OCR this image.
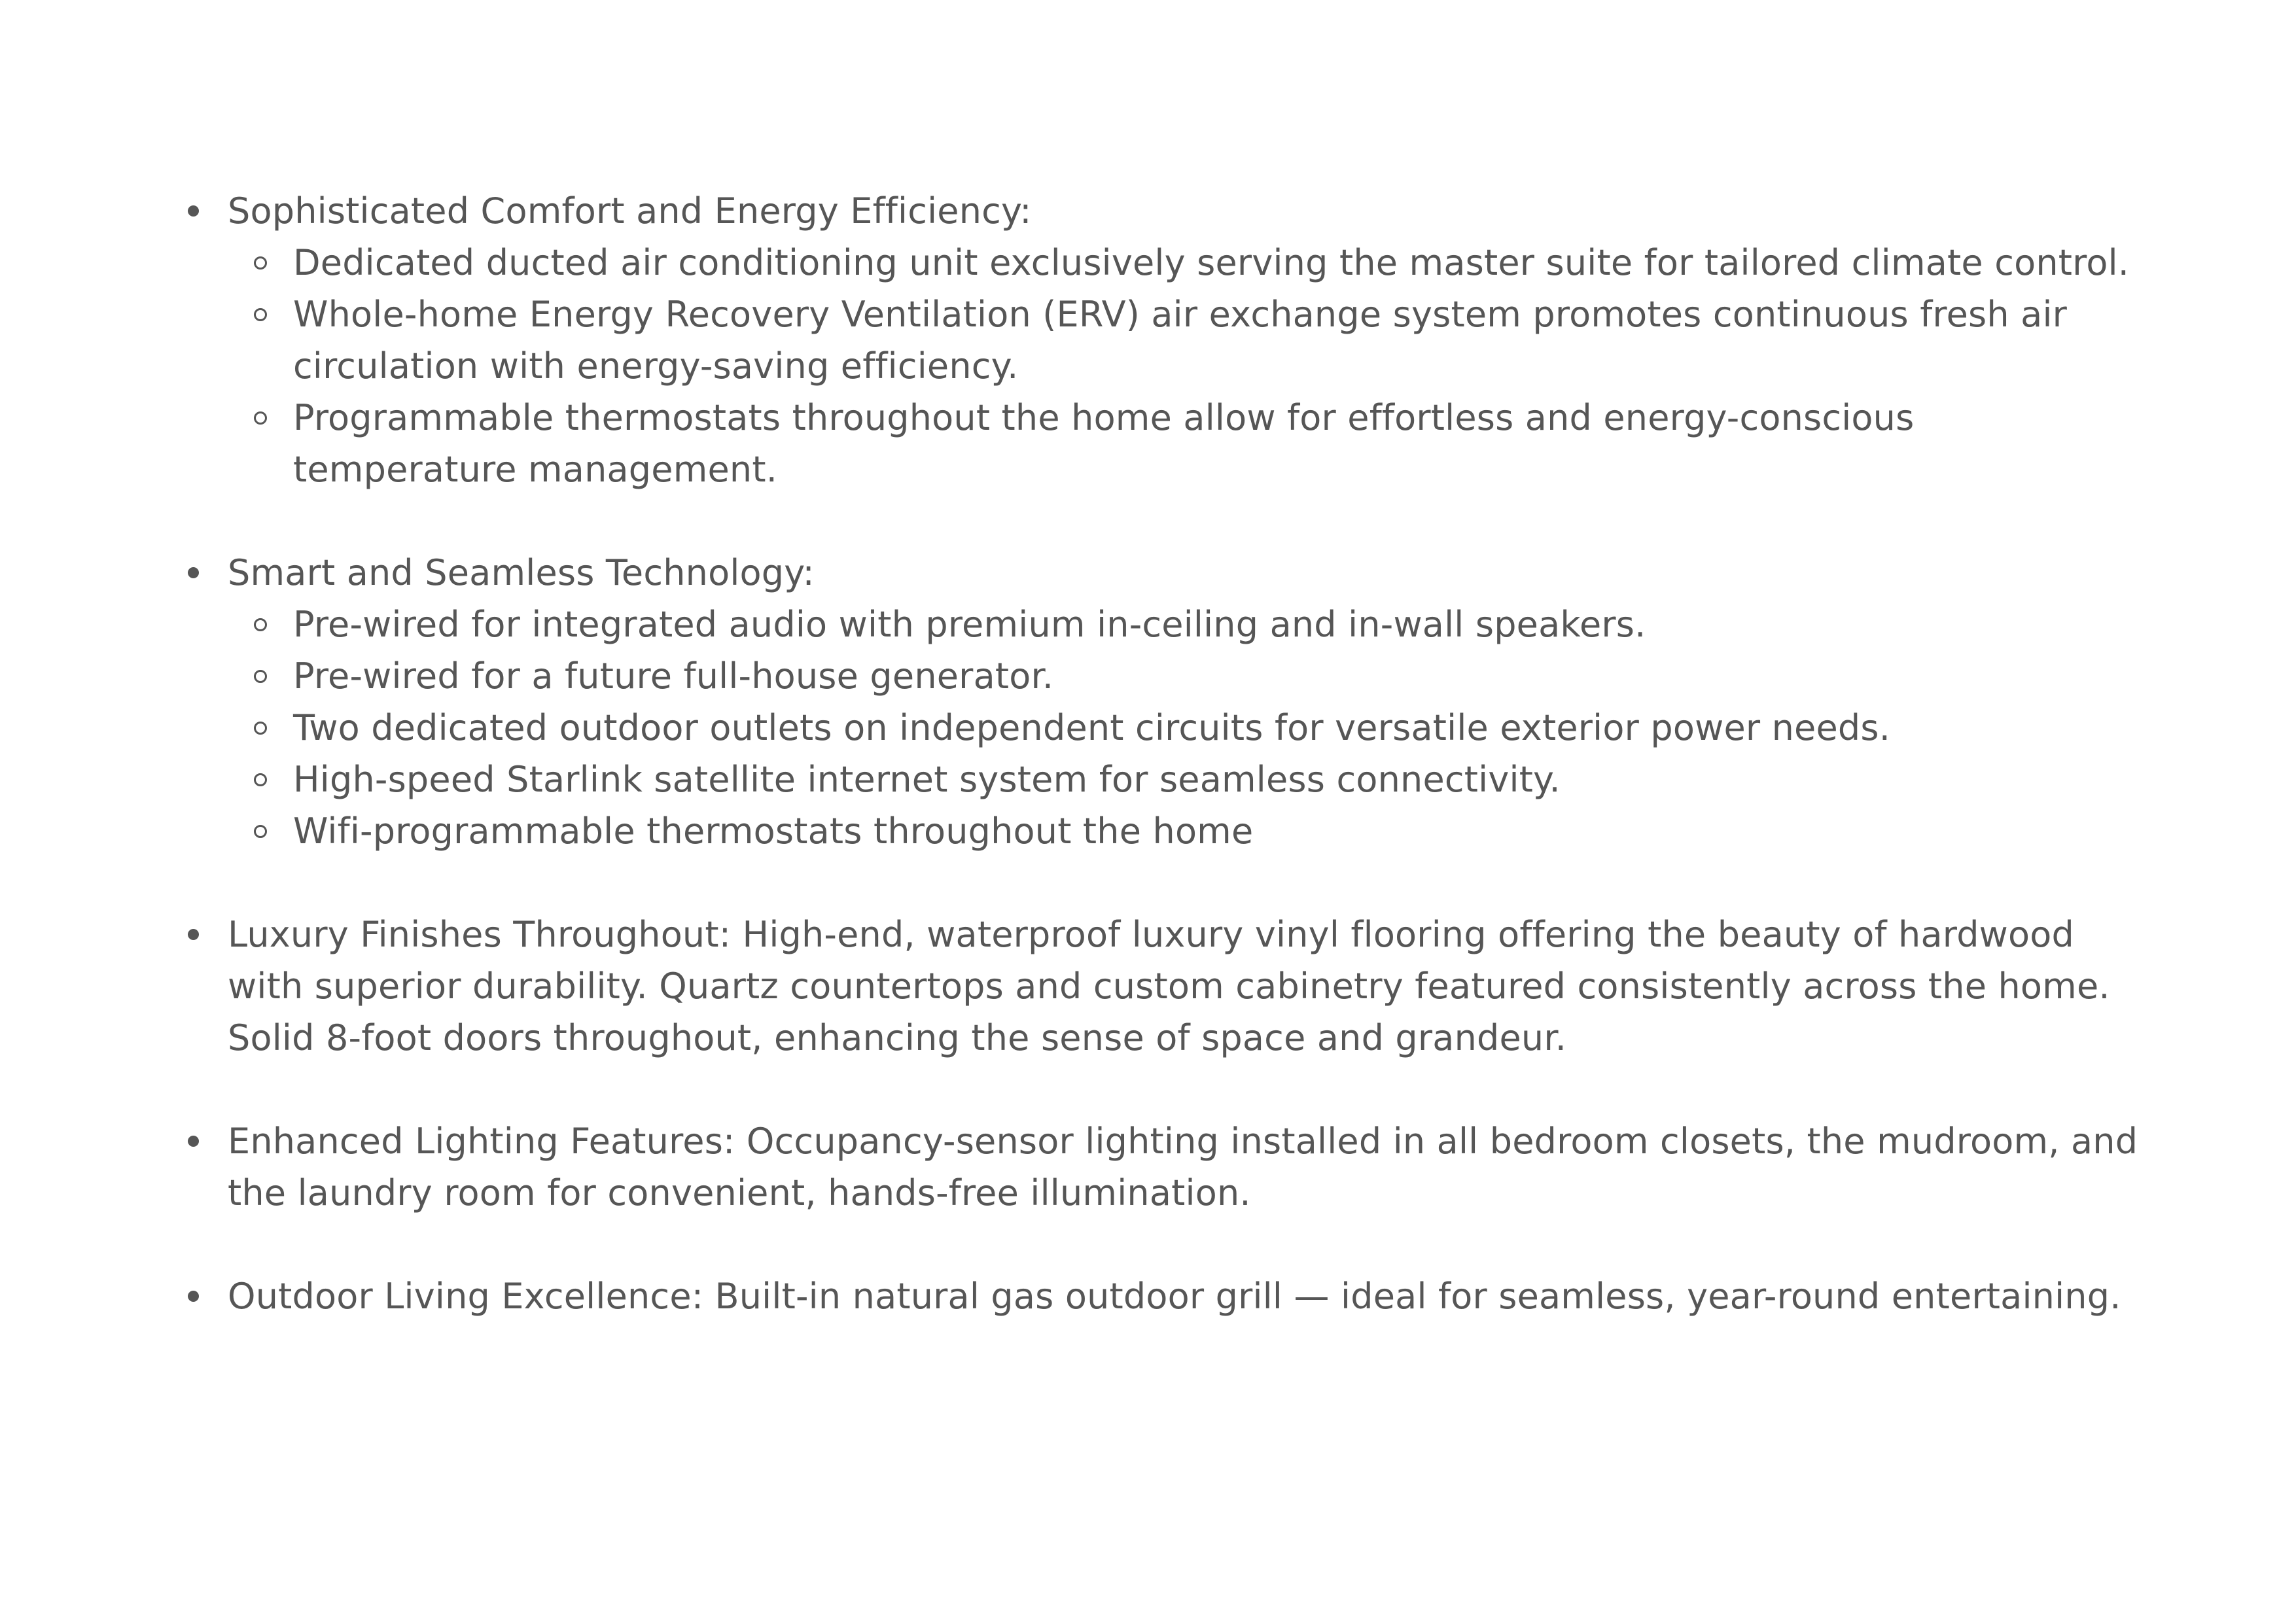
Sophisticated Comfort and Energy Efficiency:
Dedicated ducted air conditioning unit exclusively serving the master suite for tailored climate control.
Whole-home Energy Recovery Ventilation (ERV) air exchange system promotes continuous fresh air circulation with energy-saving efficiency.
Programmable thermostats throughout the home allow for effortless and energy-conscious temperature management.
Smart and Seamless Technology:
Pre-wired for integrated audio with premium in-ceiling and in-wall speakers.
Pre-wired for a future full-house generator.
Two dedicated outdoor outlets on independent circuits for versatile exterior power needs.
High-speed Starlink satellite internet system for seamless connectivity.
Wifi-programmable thermostats throughout the home
Luxury Finishes Throughout: High-end, waterproof luxury vinyl flooring offering the beauty of hardwood with superior durability. Quartz countertops and custom cabinetry featured consistently across the home. Solid 8-foot doors throughout, enhancing the sense of space and grandeur.
Enhanced Lighting Features: Occupancy-sensor lighting installed in all bedroom closets, the mudroom, and the laundry room for convenient, hands-free illumination.
Outdoor Living Excellence: Built-in natural gas outdoor grill — ideal for seamless, year-round entertaining.
